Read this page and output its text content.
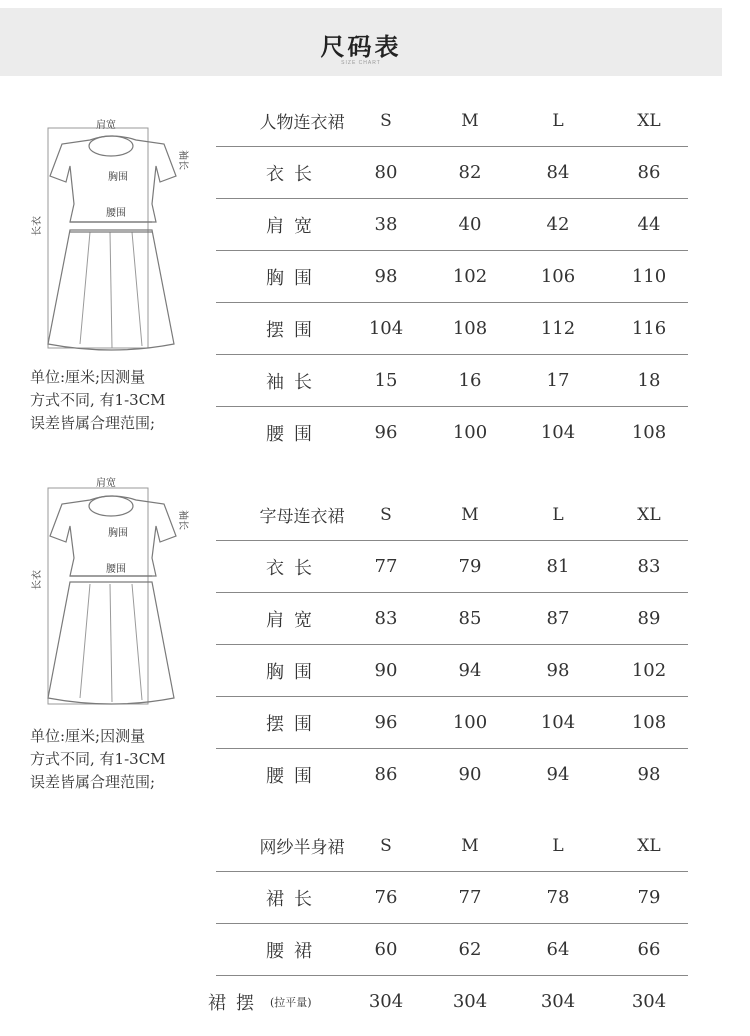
尺码表
SIZE CHART
肩宽
胸围
腰围
袖长
长衣
单位:厘米;因测量
方式不同, 有1-3CM
误差皆属合理范围;
肩宽
胸围
腰围
袖长
长衣
单位:厘米;因测量
方式不同, 有1-3CM
误差皆属合理范围;
人物连衣裙	S	M	L	XL
衣长	80	82	84	86
肩宽	38	40	42	44
胸围	98	102	106	110
摆围	104	108	112	116
袖长	15	16	17	18
腰围	96	100	104	108
字母连衣裙	S	M	L	XL
衣长	77	79	81	83
肩宽	83	85	87	89
胸围	90	94	98	102
摆围	96	100	104	108
腰围	86	90	94	98
网纱半身裙	S	M	L	XL
裙长	76	77	78	79
腰裙	60	62	64	66
裙摆 (拉平量)	304	304	304	304
